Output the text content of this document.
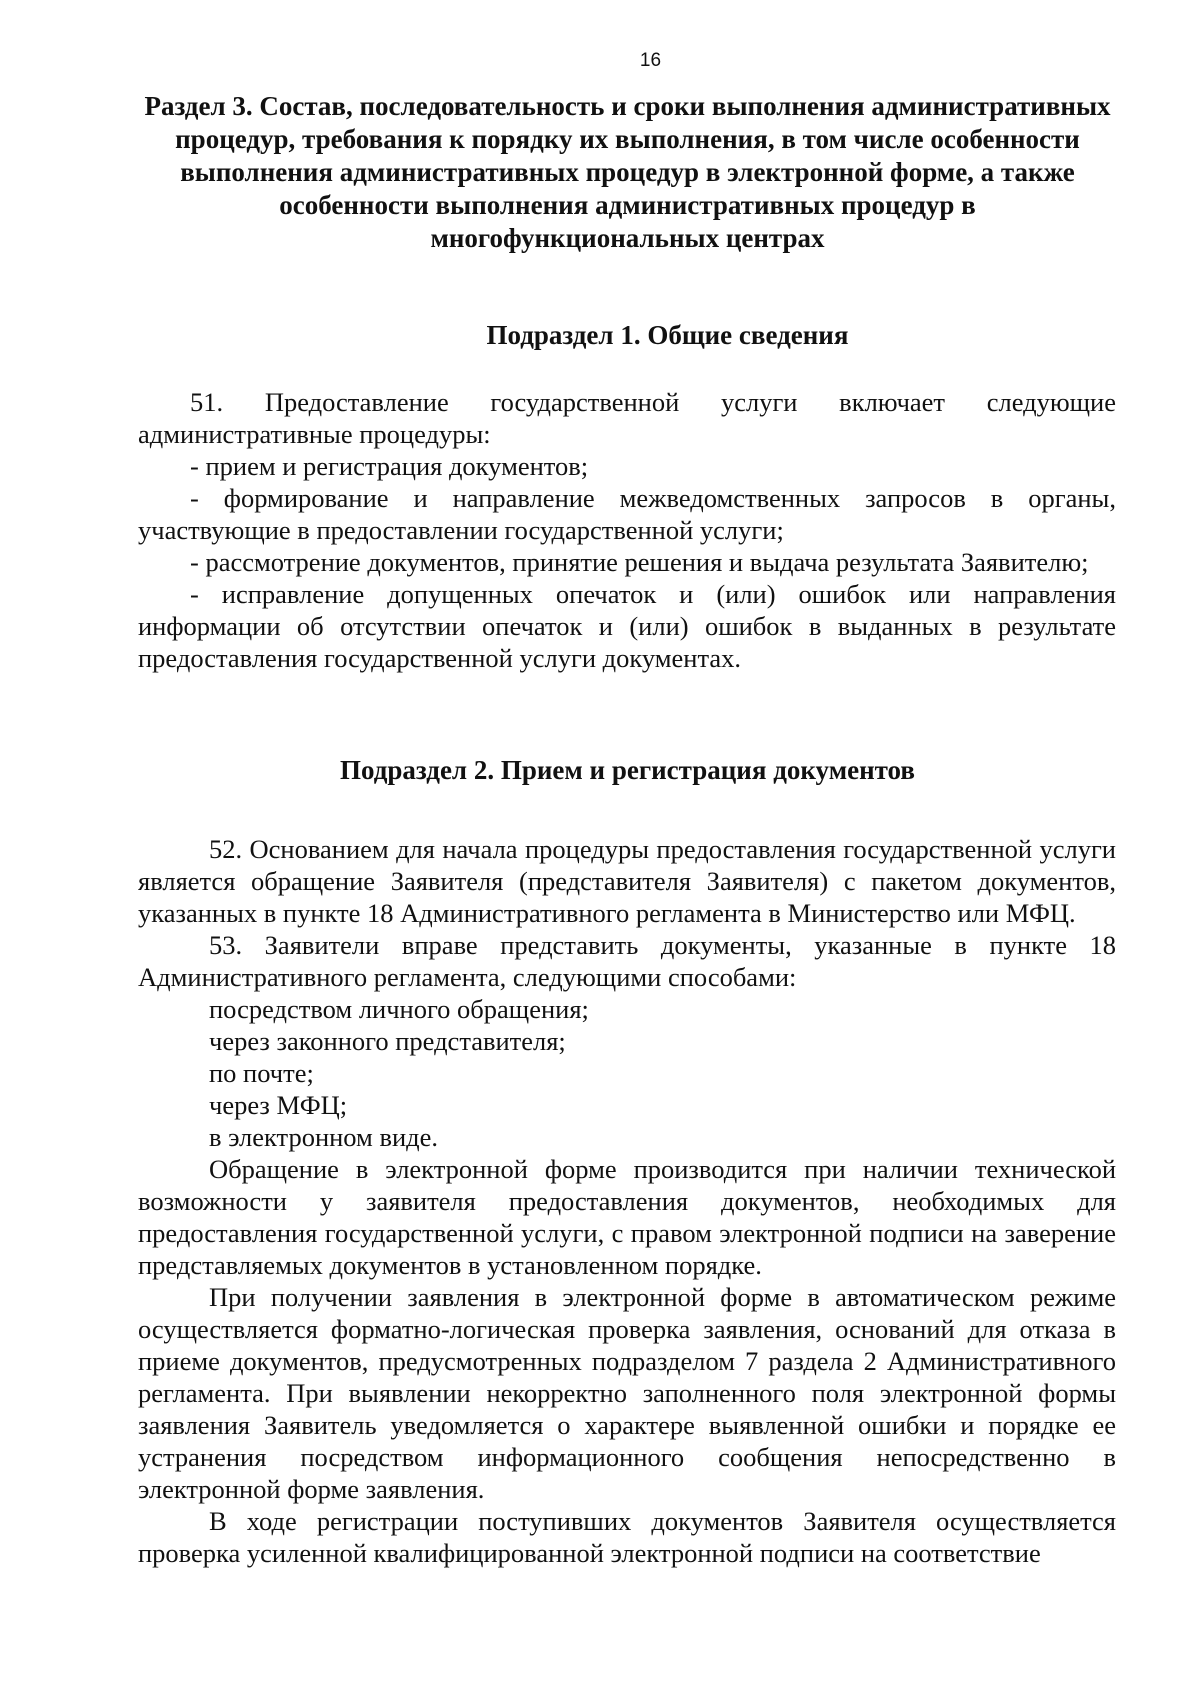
16
Раздел 3. Состав, последовательность и сроки выполнения административных процедур, требования к порядку их выполнения, в том числе особенности выполнения административных процедур в электронной форме, а также особенности выполнения административных процедур в многофункциональных центрах
Подраздел 1. Общие сведения

51. Предоставление государственной услуги включает следующие административные процедуры:

- прием и регистрация документов;

- формирование и направление межведомственных запросов в органы, участвующие в предоставлении государственной услуги;

- рассмотрение документов, принятие решения и выдача результата Заявителю;

- исправление допущенных опечаток и (или) ошибок или направления информации об отсутствии опечаток и (или) ошибок в выданных в результате предоставления государственной услуги документах.

Подраздел 2. Прием и регистрация документов

52. Основанием для начала процедуры предоставления государственной услуги является обращение Заявителя (представителя Заявителя) с пакетом документов, указанных в пункте 18 Административного регламента в Министерство или МФЦ.

53. Заявители вправе представить документы, указанные в пункте 18 Административного регламента, следующими способами:

посредством личного обращения;

через законного представителя;

по почте;

через МФЦ;

в электронном виде.

Обращение в электронной форме производится при наличии технической возможности у заявителя предоставления документов, необходимых для предоставления государственной услуги, с правом электронной подписи на заверение представляемых документов в установленном порядке.

При получении заявления в электронной форме в автоматическом режиме осуществляется форматно-логическая проверка заявления, оснований для отказа в приеме документов, предусмотренных подразделом 7 раздела 2 Административного регламента. При выявлении некорректно заполненного поля электронной формы заявления Заявитель уведомляется о характере выявленной ошибки и порядке ее устранения посредством информационного сообщения непосредственно в электронной форме заявления.

В ходе регистрации поступивших документов Заявителя осуществляется проверка усиленной квалифицированной электронной подписи на соответствие
